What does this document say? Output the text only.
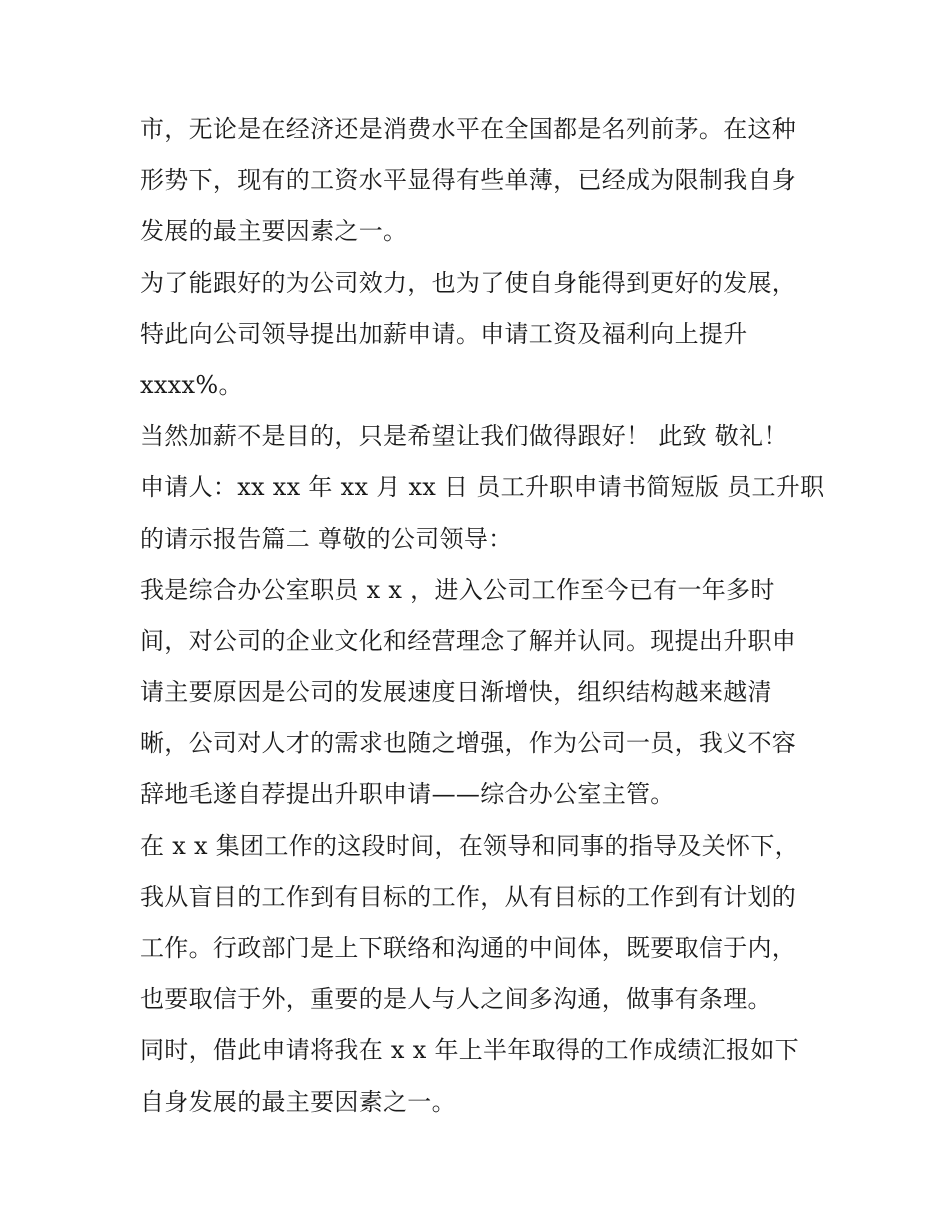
市，无论是在经济还是消费水平在全国都是名列前茅。在这种
形势下，现有的工资水平显得有些单薄，已经成为限制我自身
发展的最主要因素之一。
为了能跟好的为公司效力，也为了使自身能得到更好的发展，
特此向公司领导提出加薪申请。申请工资及福利向上提升
xxxx%。
当然加薪不是目的，只是希望让我们做得跟好！ 此致 敬礼！
申请人：xx xx 年 xx 月 xx 日 员工升职申请书简短版 员工升职
的请示报告篇二 尊敬的公司领导：
我是综合办公室职员 x x ，进入公司工作至今已有一年多时
间，对公司的企业文化和经营理念了解并认同。现提出升职申
请主要原因是公司的发展速度日渐增快，组织结构越来越清
晰，公司对人才的需求也随之增强，作为公司一员，我义不容
辞地毛遂自荐提出升职申请——综合办公室主管。
在 x x 集团工作的这段时间，在领导和同事的指导及关怀下，
我从盲目的工作到有目标的工作，从有目标的工作到有计划的
工作。行政部门是上下联络和沟通的中间体，既要取信于内，
也要取信于外，重要的是人与人之间多沟通，做事有条理。
同时，借此申请将我在 x x 年上半年取得的工作成绩汇报如下
自身发展的最主要因素之一。
